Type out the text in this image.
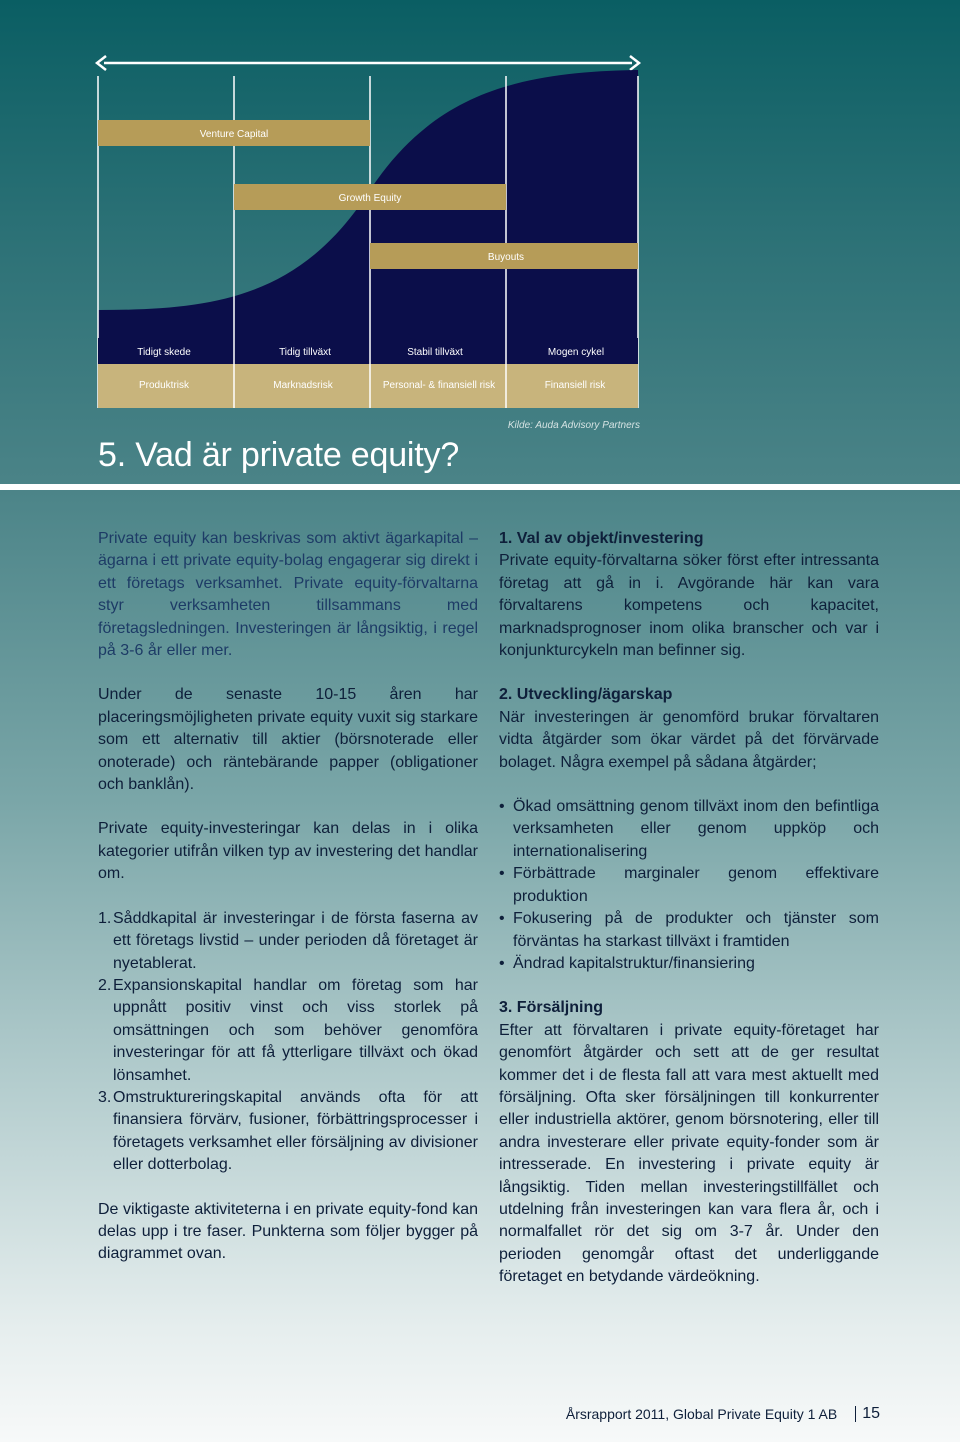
Venture Capital
Growth Equity
Buyouts
Tidigt skede	Tidig tillväxt	Stabil tillväxt	Mogen cykel
Produktrisk	Marknadsrisk	Personal- & finansiell risk	Finansiell risk
Kilde: Auda Advisory Partners
5. Vad är private equity?

Private equity kan beskrivas som aktivt ägarkapital – ägarna i ett private equity-bolag engagerar sig direkt i ett företags verksamhet. Private equity-förvaltarna styr verksamheten tillsammans med företagsledningen. Investeringen är långsiktig, i regel på 3-6 år eller mer.

Under de senaste 10-15 åren har placeringsmöjligheten private equity vuxit sig starkare som ett alternativ till aktier (börsnoterade eller onoterade) och räntebärande papper (obligationer och banklån).

Private equity-investeringar kan delas in i olika kategorier utifrån vilken typ av investering det handlar om.

1. Såddkapital är investeringar i de första faserna av ett företags livstid – under perioden då företaget är nyetablerat.
2. Expansionskapital handlar om företag som har uppnått positiv vinst och viss storlek på omsättningen och som behöver genomföra investeringar för att få ytterligare tillväxt och ökad lönsamhet.
3. Omstruktureringskapital används ofta för att finansiera förvärv, fusioner, förbättringsprocesser i företagets verksamhet eller försäljning av divisioner eller dotterbolag.

De viktigaste aktiviteterna i en private equity-fond kan delas upp i tre faser. Punkterna som följer bygger på diagrammet ovan.

1. Val av objekt/investering

Private equity-förvaltarna söker först efter intressanta företag att gå in i. Avgörande här kan vara förvaltarens kompetens och kapacitet, marknadsprognoser inom olika branscher och var i konjunkturcykeln man befinner sig.

2. Utveckling/ägarskap

När investeringen är genomförd brukar förvaltaren vidta åtgärder som ökar värdet på det förvärvade bolaget. Några exempel på sådana åtgärder;

• Ökad omsättning genom tillväxt inom den befintliga verksamheten eller genom uppköp och internationalisering
• Förbättrade marginaler genom effektivare produktion
• Fokusering på de produkter och tjänster som förväntas ha starkast tillväxt i framtiden
• Ändrad kapitalstruktur/finansiering
3. Försäljning

Efter att förvaltaren i private equity-företaget har genomfört åtgärder och sett att de ger resultat kommer det i de flesta fall att vara mest aktuellt med försäljning. Ofta sker försäljningen till konkurrenter eller industriella aktörer, genom börsnotering, eller till andra investerare eller private equity-fonder som är intresserade. En investering i private equity är långsiktig. Tiden mellan investeringstillfället och utdelning från investeringen kan vara flera år, och i normalfallet rör det sig om 3-7 år. Under den perioden genomgår oftast det underliggande företaget en betydande värdeökning.

Årsrapport 2011, Global Private Equity 1 AB 15
